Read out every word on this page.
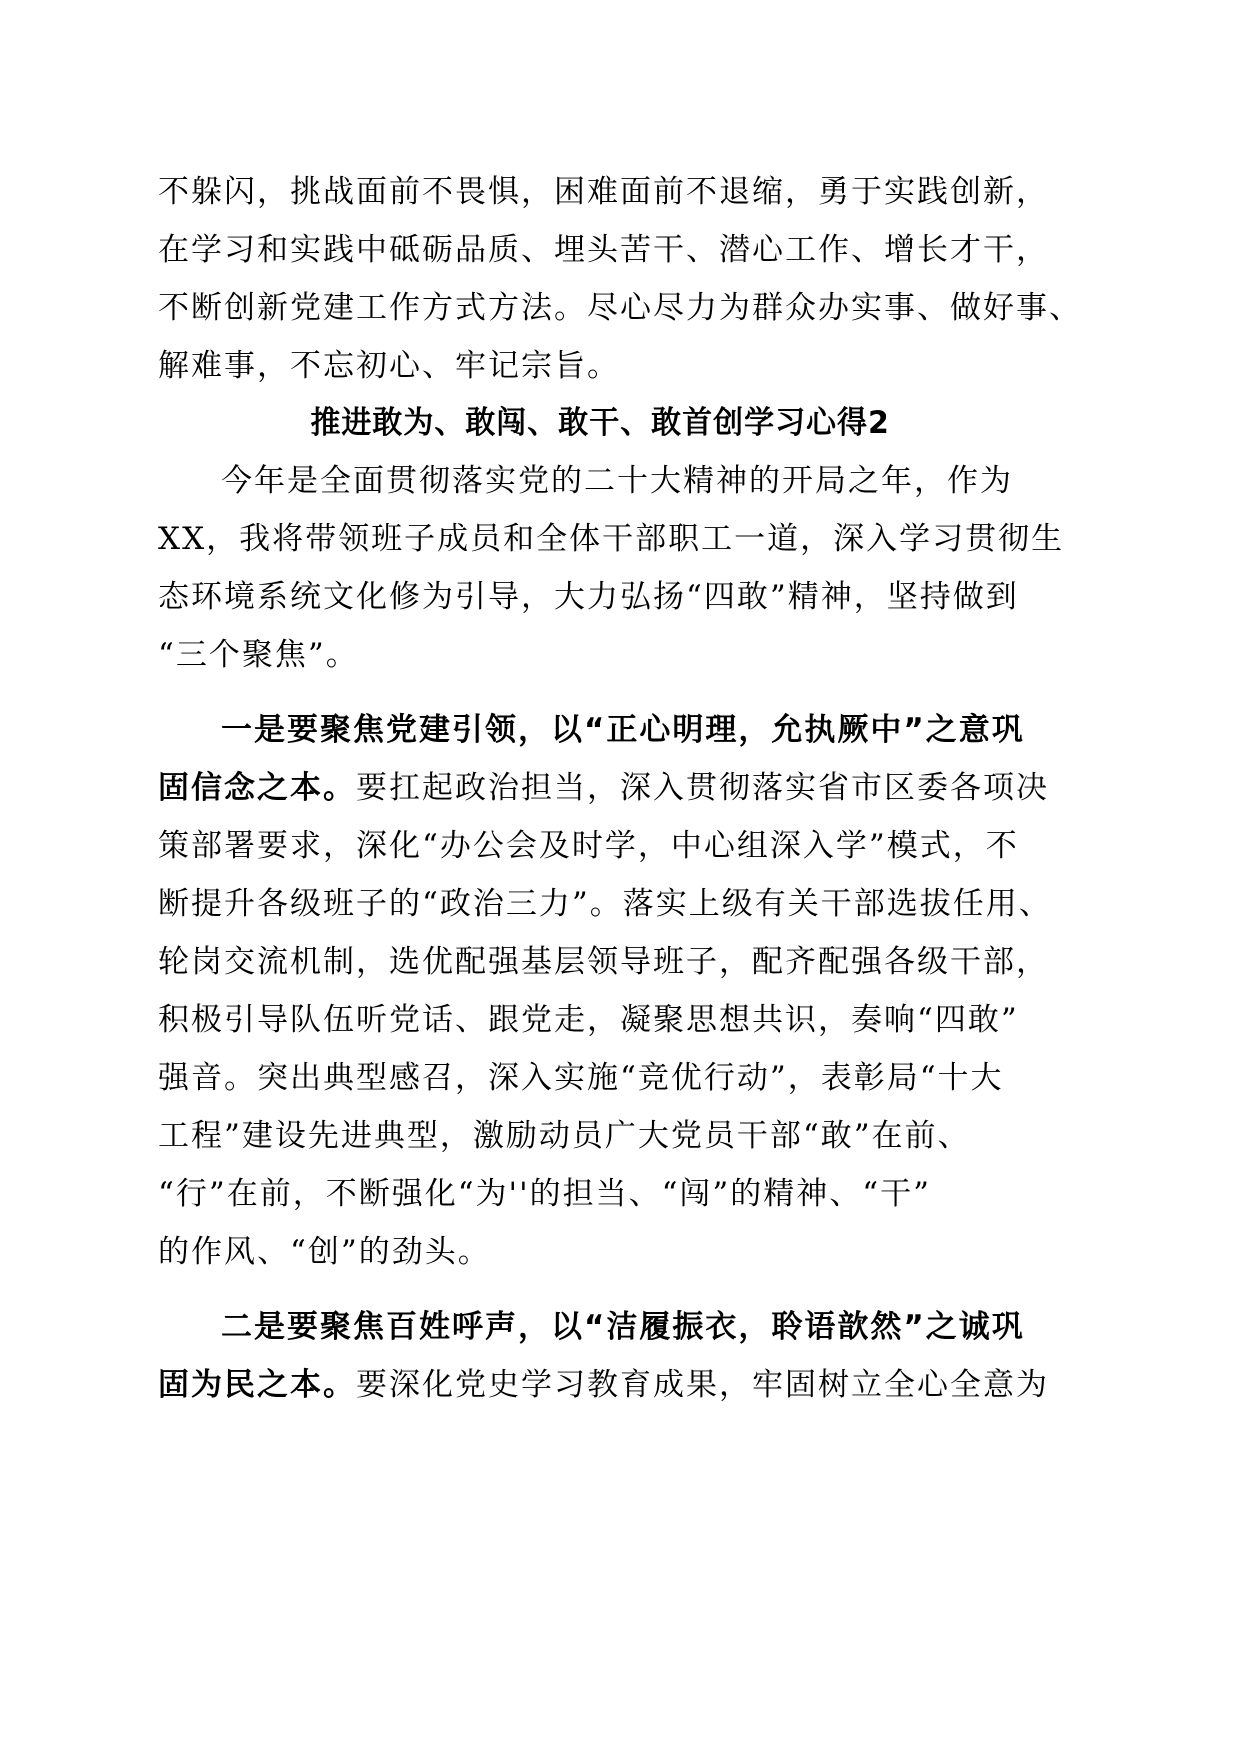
不躲闪，挑战面前不畏惧，困难面前不退缩，勇于实践创新，
在学习和实践中砥砺品质、埋头苦干、潜心工作、增长才干，
不断创新党建工作方式方法。尽心尽力为群众办实事、做好事、
解难事，不忘初心、牢记宗旨。
推进敢为、敢闯、敢干、敢首创学习心得2
今年是全面贯彻落实党的二十大精神的开局之年，作为
XX，我将带领班子成员和全体干部职工一道，深入学习贯彻生
态环境系统文化修为引导，大力弘扬“四敢”精神，坚持做到
“三个聚焦”。
一是要聚焦党建引领，以“正心明理，允执厥中”之意巩
固信念之本。要扛起政治担当，深入贯彻落实省市区委各项决
策部署要求，深化“办公会及时学，中心组深入学”模式，不
断提升各级班子的“政治三力”。落实上级有关干部选拔任用、
轮岗交流机制，选优配强基层领导班子，配齐配强各级干部，
积极引导队伍听党话、跟党走，凝聚思想共识，奏响“四敢”
强音。突出典型感召，深入实施“竞优行动”，表彰局“十大
工程”建设先进典型，激励动员广大党员干部“敢”在前、
“行”在前，不断强化“为''的担当、“闯”的精神、“干”
的作风、“创”的劲头。
二是要聚焦百姓呼声，以“洁履振衣，聆语歆然”之诚巩
固为民之本。要深化党史学习教育成果，牢固树立全心全意为
